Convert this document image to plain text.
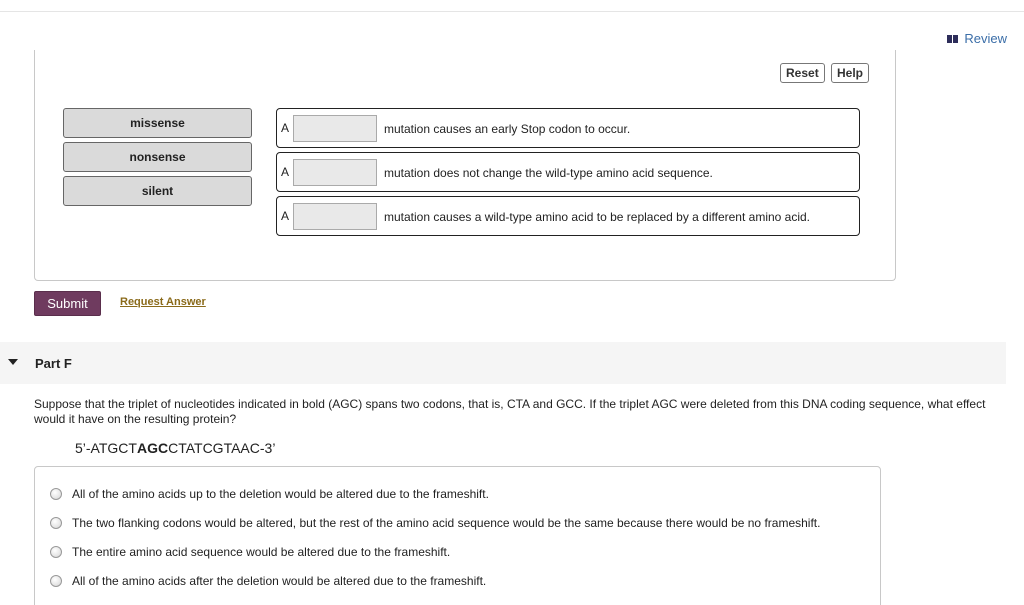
Review
Reset	Help
missense
nonsense
silent
A	mutation causes an early Stop codon to occur.
A	mutation does not change the wild-type amino acid sequence.
A	mutation causes a wild-type amino acid to be replaced by a different amino acid.
Submit	Request Answer
Part F

Suppose that the triplet of nucleotides indicated in bold (AGC) spans two codons, that is, CTA and GCC. If the triplet AGC were deleted from this DNA coding sequence, what effect would it have on the resulting protein?

5’-ATGCTAGCCTATCGTAAC-3’
All of the amino acids up to the deletion would be altered due to the frameshift.
The two flanking codons would be altered, but the rest of the amino acid sequence would be the same because there would be no frameshift.
The entire amino acid sequence would be altered due to the frameshift.
All of the amino acids after the deletion would be altered due to the frameshift.
